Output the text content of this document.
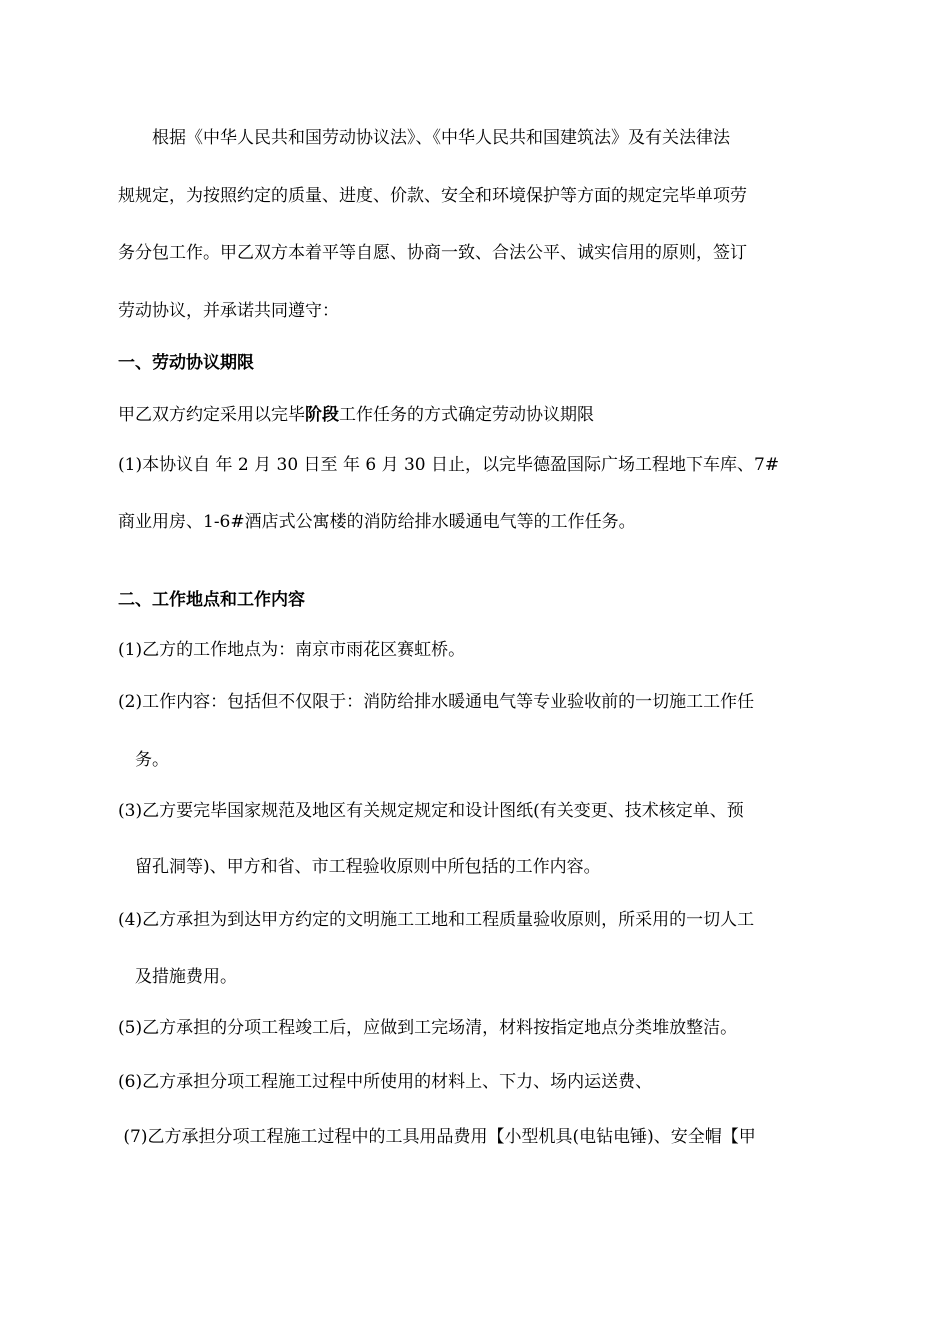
根据《中华人民共和国劳动协议法》、《中华人民共和国建筑法》及有关法律法
规规定，为按照约定的质量、进度、价款、安全和环境保护等方面的规定完毕单项劳
务分包工作。甲乙双方本着平等自愿、协商一致、合法公平、诚实信用的原则，签订
劳动协议，并承诺共同遵守：
一、劳动协议期限
甲乙双方约定采用以完毕阶段工作任务的方式确定劳动协议期限
(1)本协议自 年 2 月 30 日至 年 6 月 30 日止，以完毕德盈国际广场工程地下车库、7#
商业用房、1-6#酒店式公寓楼的消防给排水暖通电气等的工作任务。
二、工作地点和工作内容
(1)乙方的工作地点为：南京市雨花区赛虹桥。
(2)工作内容：包括但不仅限于：消防给排水暖通电气等专业验收前的一切施工工作任
务。
(3)乙方要完毕国家规范及地区有关规定规定和设计图纸(有关变更、技术核定单、预
留孔洞等)、甲方和省、市工程验收原则中所包括的工作内容。
(4)乙方承担为到达甲方约定的文明施工工地和工程质量验收原则，所采用的一切人工
及措施费用。
(5)乙方承担的分项工程竣工后，应做到工完场清，材料按指定地点分类堆放整洁。
(6)乙方承担分项工程施工过程中所使用的材料上、下力、场内运送费、
(7)乙方承担分项工程施工过程中的工具用品费用【小型机具(电钻电锤)、安全帽【甲
